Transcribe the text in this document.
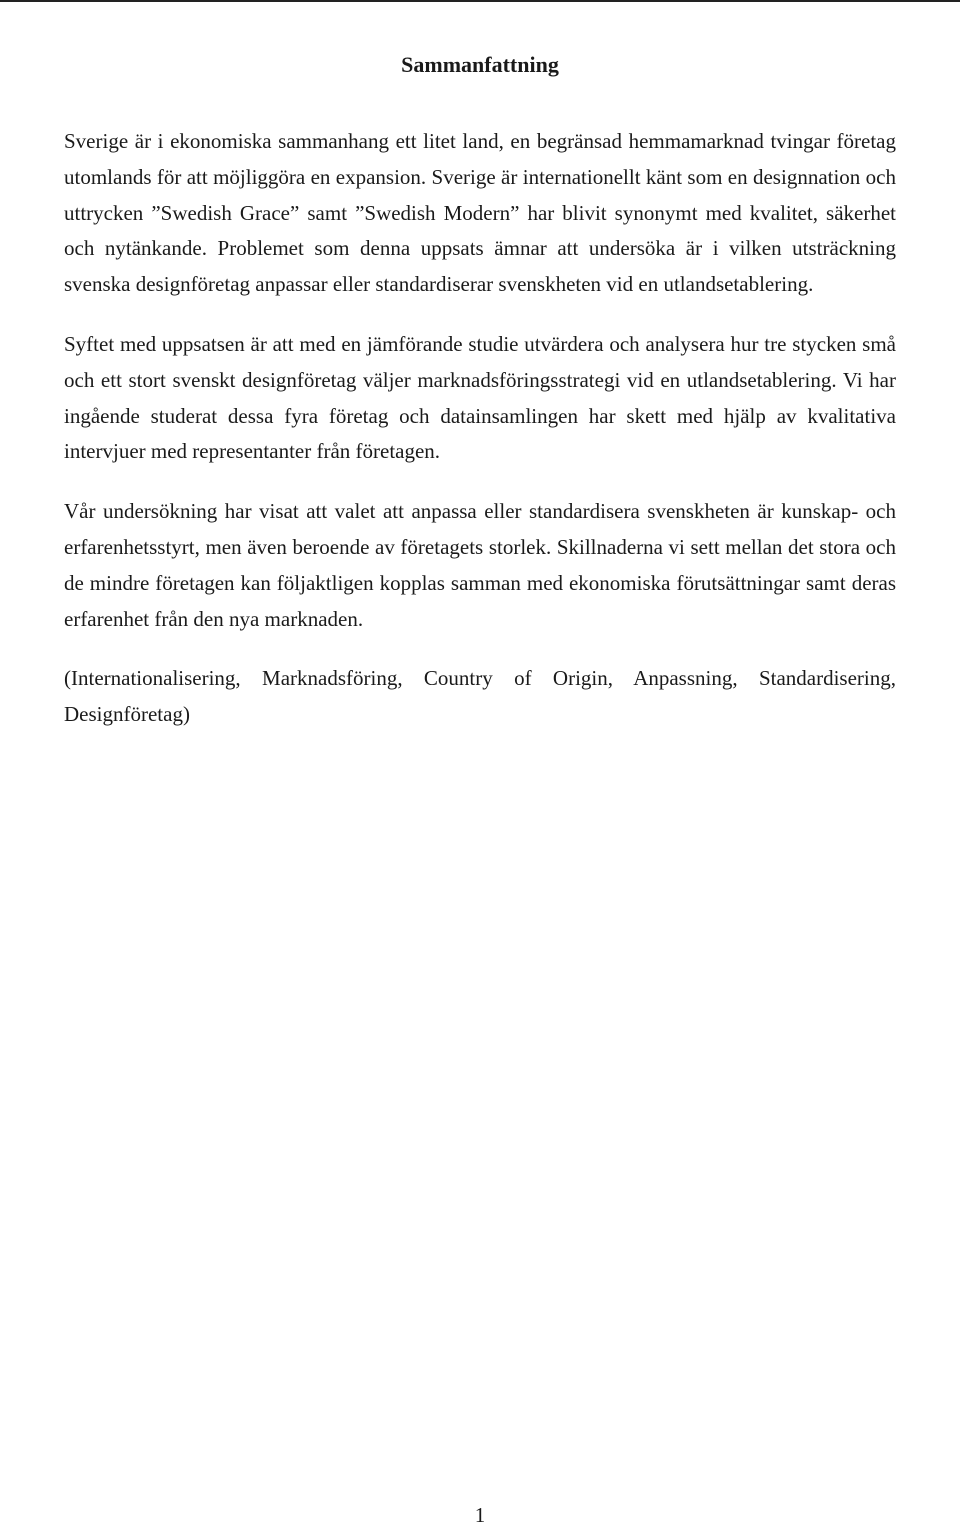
Sammanfattning

Sverige är i ekonomiska sammanhang ett litet land, en begränsad hemmamarknad tvingar företag utomlands för att möjliggöra en expansion. Sverige är internationellt känt som en designnation och uttrycken ”Swedish Grace” samt ”Swedish Modern” har blivit synonymt med kvalitet, säkerhet och nytänkande. Problemet som denna uppsats ämnar att undersöka är i vilken utsträckning svenska designföretag anpassar eller standardiserar svenskheten vid en utlandsetablering.

Syftet med uppsatsen är att med en jämförande studie utvärdera och analysera hur tre stycken små och ett stort svenskt designföretag väljer marknadsföringsstrategi vid en utlandsetablering. Vi har ingående studerat dessa fyra företag och datainsamlingen har skett med hjälp av kvalitativa intervjuer med representanter från företagen.

Vår undersökning har visat att valet att anpassa eller standardisera svenskheten är kunskap- och erfarenhetsstyrt, men även beroende av företagets storlek. Skillnaderna vi sett mellan det stora och de mindre företagen kan följaktligen kopplas samman med ekonomiska förutsättningar samt deras erfarenhet från den nya marknaden.

(Internationalisering, Marknadsföring, Country of Origin, Anpassning, Standardisering, Designföretag)

1
